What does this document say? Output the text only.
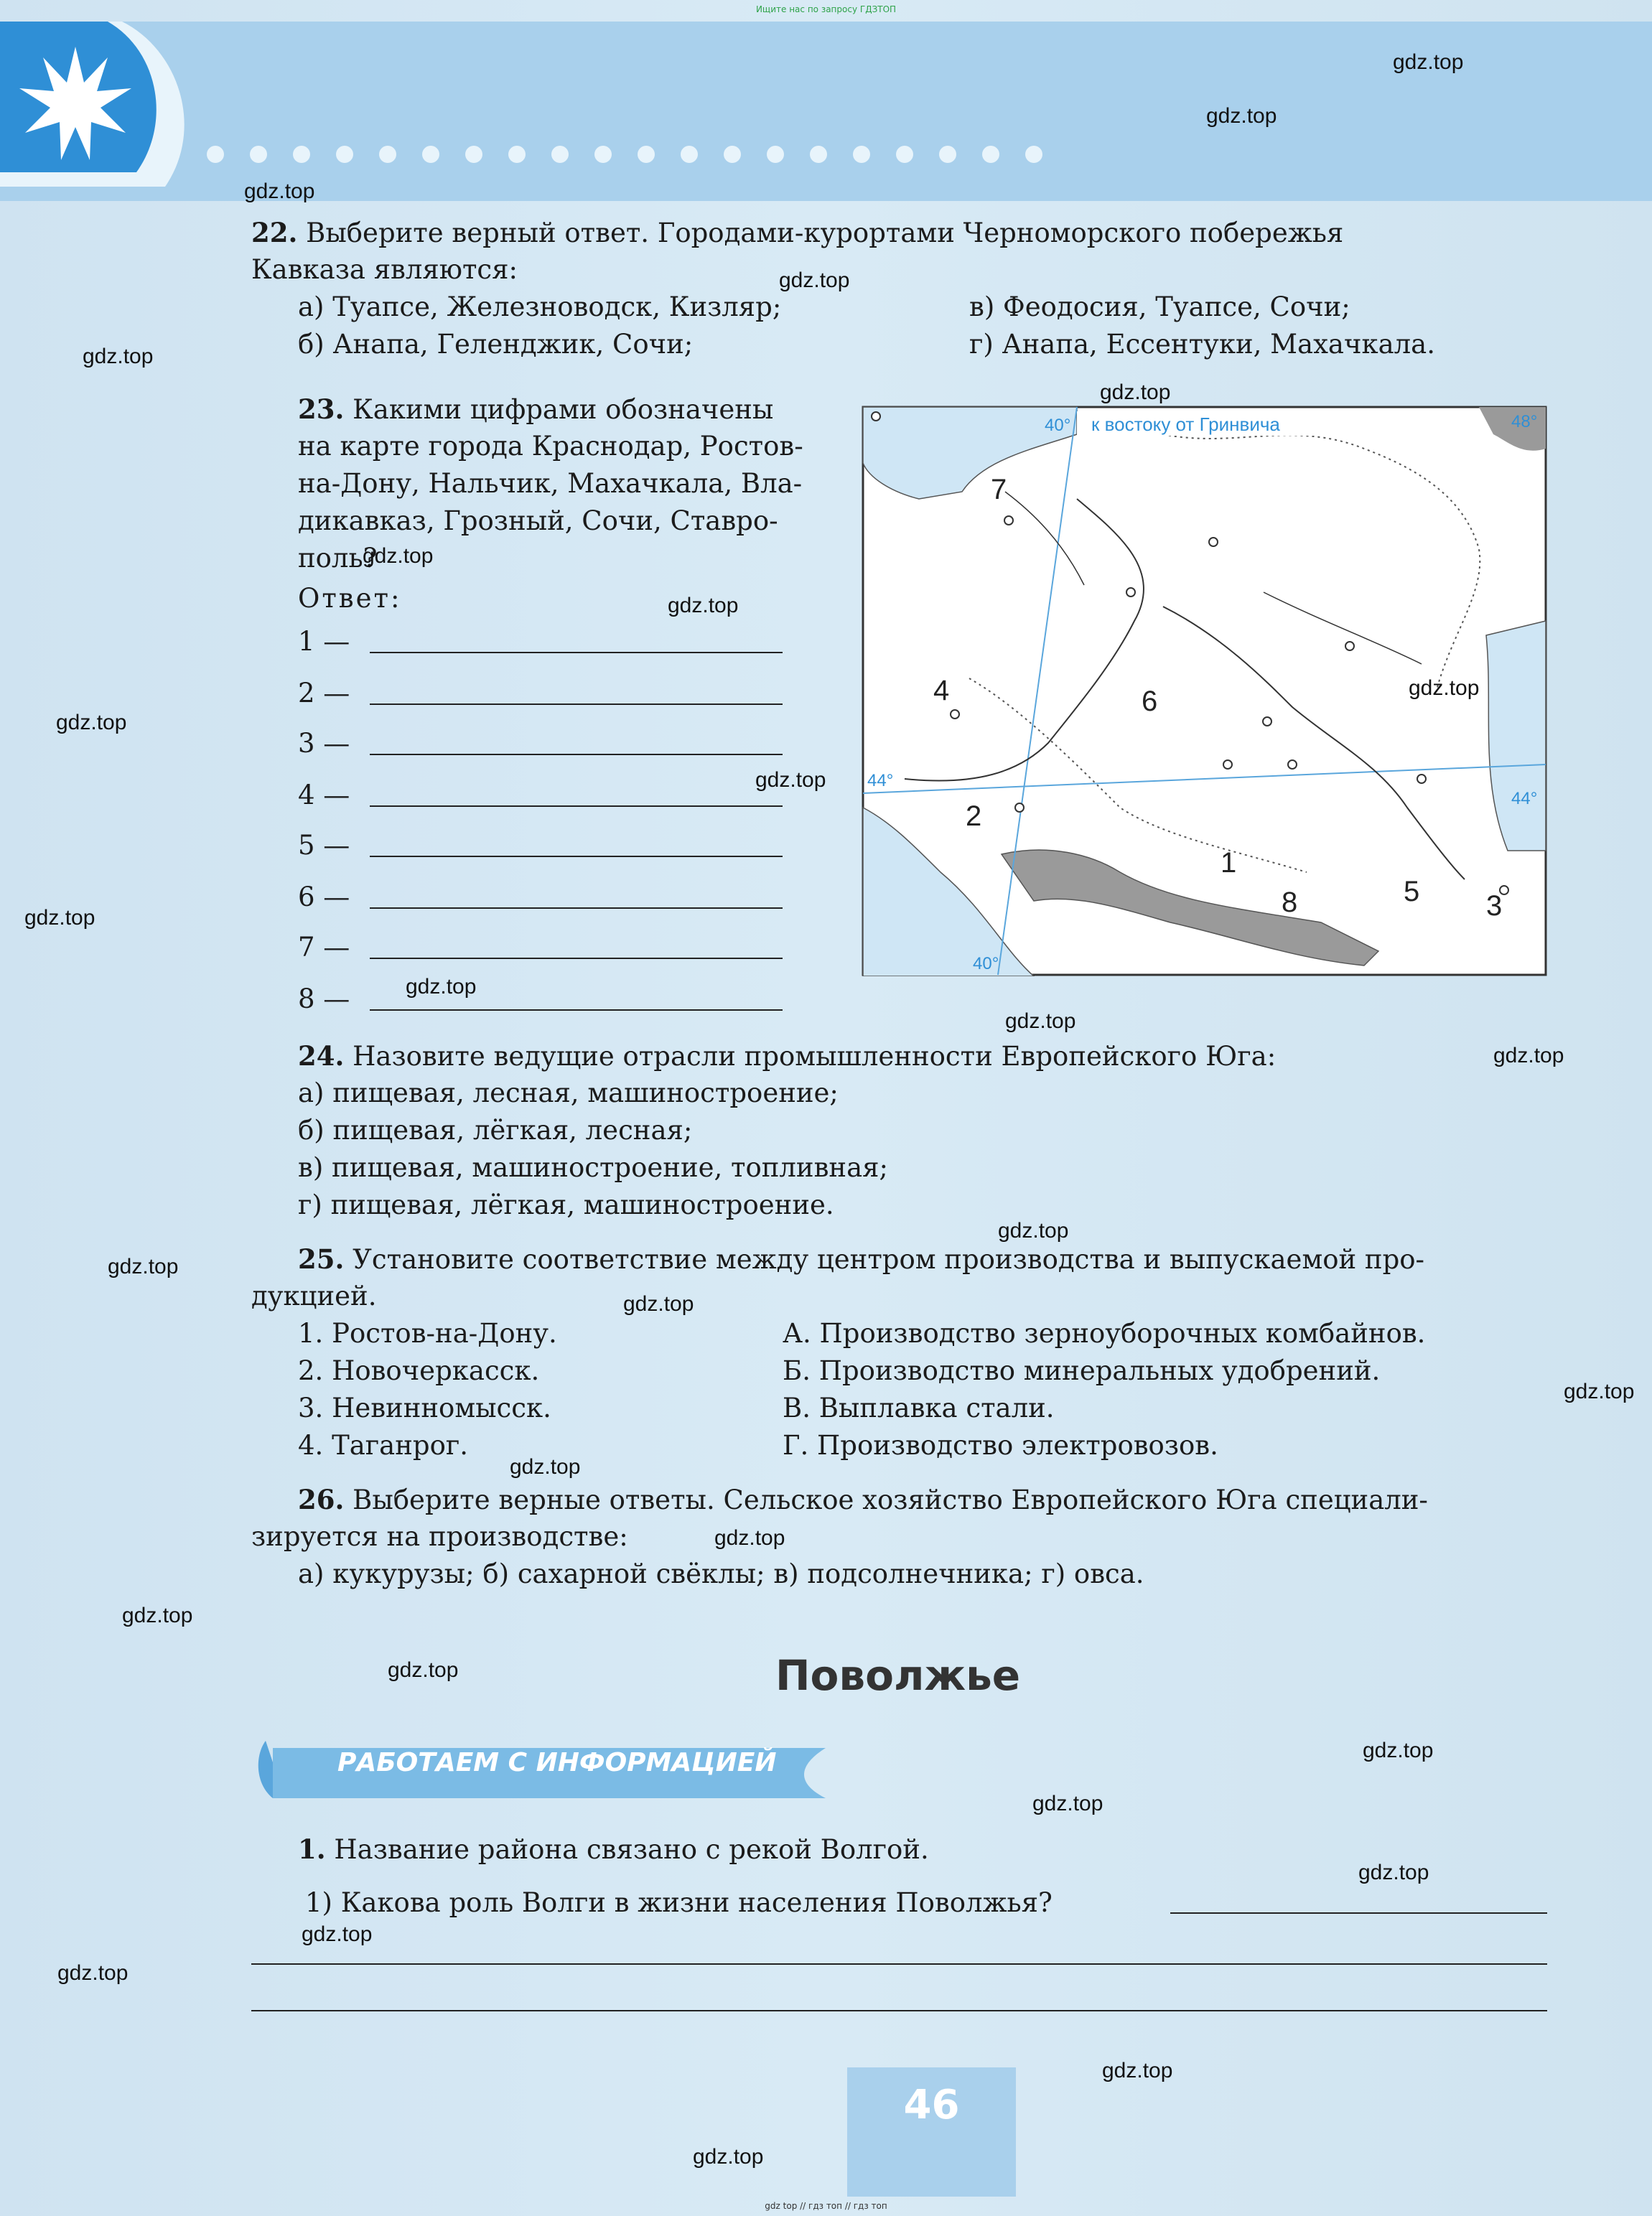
Ищите нас по запросу ГДЗТОП
22. Выберите верный ответ. Городами-курортами Черноморского побережья
Кавказа являются:
а) Туапсе, Железноводск, Кизляр;
б) Анапа, Геленджик, Сочи;
в) Феодосия, Туапсе, Сочи;
г) Анапа, Ессентуки, Махачкала.
23. Какими цифрами обозначены
на карте города Краснодар, Ростов-
на-Дону, Нальчик, Махачкала, Вла-
дикавказ, Грозный, Сочи, Ставро-
поль?
Ответ:
1 —
2 —
3 —
4 —
5 —
6 —
7 —
8 —
к востоку от Гринвича
40°
40°
48°
44°
44°
1
2
3
4
5
6
7
8
24. Назовите ведущие отрасли промышленности Европейского Юга:
а) пищевая, лесная, машиностроение;
б) пищевая, лёгкая, лесная;
в) пищевая, машиностроение, топливная;
г) пищевая, лёгкая, машиностроение.
25. Установите соответствие между центром производства и выпускаемой про-
дукцией.
1. Ростов-на-Дону.
2. Новочеркасск.
3. Невинномысск.
4. Таганрог.
А. Производство зерноуборочных комбайнов.
Б. Производство минеральных удобрений.
В. Выплавка стали.
Г. Производство электровозов.
26. Выберите верные ответы. Сельское хозяйство Европейского Юга специали-
зируется на производстве:
а) кукурузы; б) сахарной свёклы; в) подсолнечника; г) овса.
Поволжье
РАБОТАЕМ С ИНФОРМАЦИЕЙ
1. Название района связано с рекой Волгой.
1) Какова роль Волги в жизни населения Поволжья?
46
gdz top // гдз топ // гдз топ
gdz.top
gdz.top
gdz.top
gdz.top
gdz.top
gdz.top
gdz.top
gdz.top
gdz.top
gdz.top
gdz.top
gdz.top
gdz.top
gdz.top
gdz.top
gdz.top
gdz.top
gdz.top
gdz.top
gdz.top
gdz.top
gdz.top
gdz.top
gdz.top
gdz.top
gdz.top
gdz.top
gdz.top
gdz.top
gdz.top
